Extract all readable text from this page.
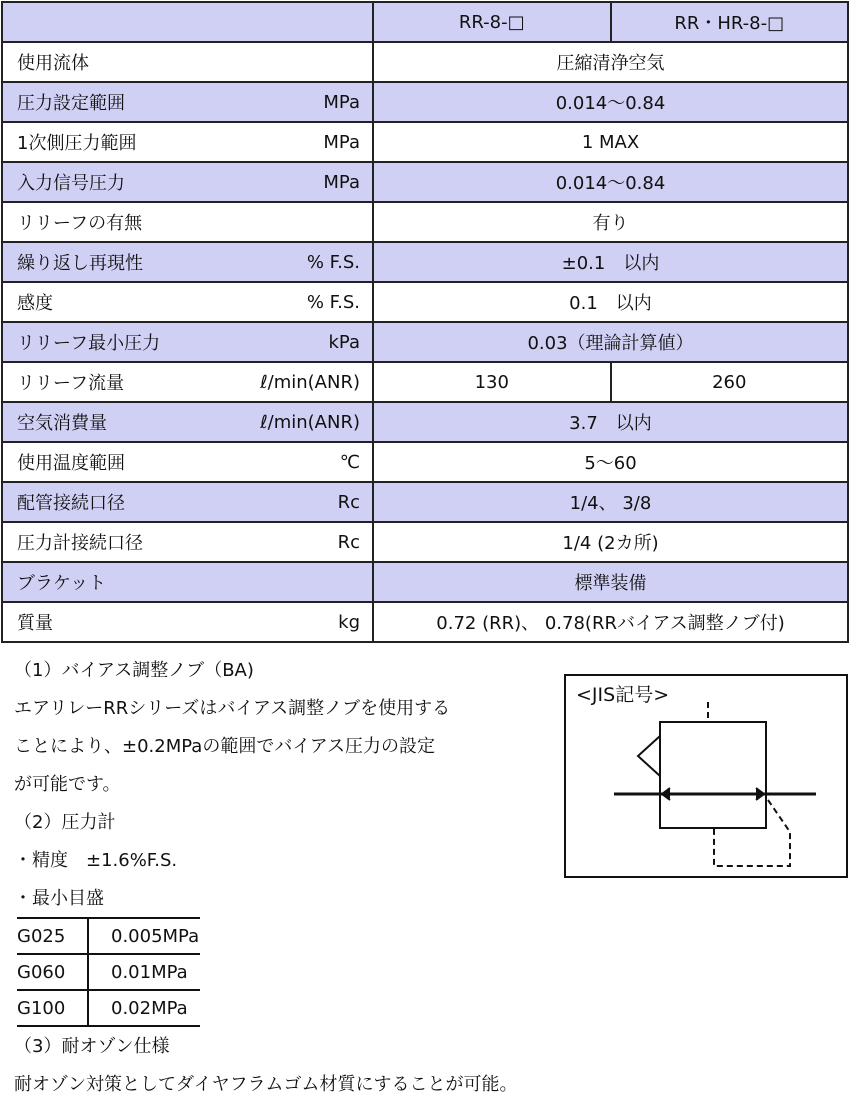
	RR-8-□	RR・HR-8-□

使用流体	圧縮清浄空気	

圧力設定範囲 MPa	0.014～0.84	

1次側圧力範囲 MPa	1 MAX	

入力信号圧力 MPa	0.014～0.84	

リリーフの有無	有り	

繰り返し再現性 % F.S.	±0.1　以内	

感度 % F.S.	0.1　以内	

リリーフ最小圧力 kPa	0.03（理論計算値）	

リリーフ流量 ℓ/min(ANR)	130	260

空気消費量 ℓ/min(ANR)	3.7　以内	

使用温度範囲 ℃	5～60	

配管接続口径 Rc	1/4、 3/8	

圧力計接続口径 Rc	1/4 (2カ所)	

ブラケット	標準装備	

質量 kg	0.72 (RR)、 0.78(RRバイアス調整ノブ付)	
（1）バイアス調整ノブ（BA)
エアリレーRRシリーズはバイアス調整ノブを使用する
ことにより、±0.2MPaの範囲でバイアス圧力の設定
が可能です。
（2）圧力計
・精度　±1.6%F.S.
・最小目盛
G025	0.005MPa
G060	0.01MPa
G100	0.02MPa
（3）耐オゾン仕様
耐オゾン対策としてダイヤフラムゴム材質にすることが可能。
<JIS記号>
